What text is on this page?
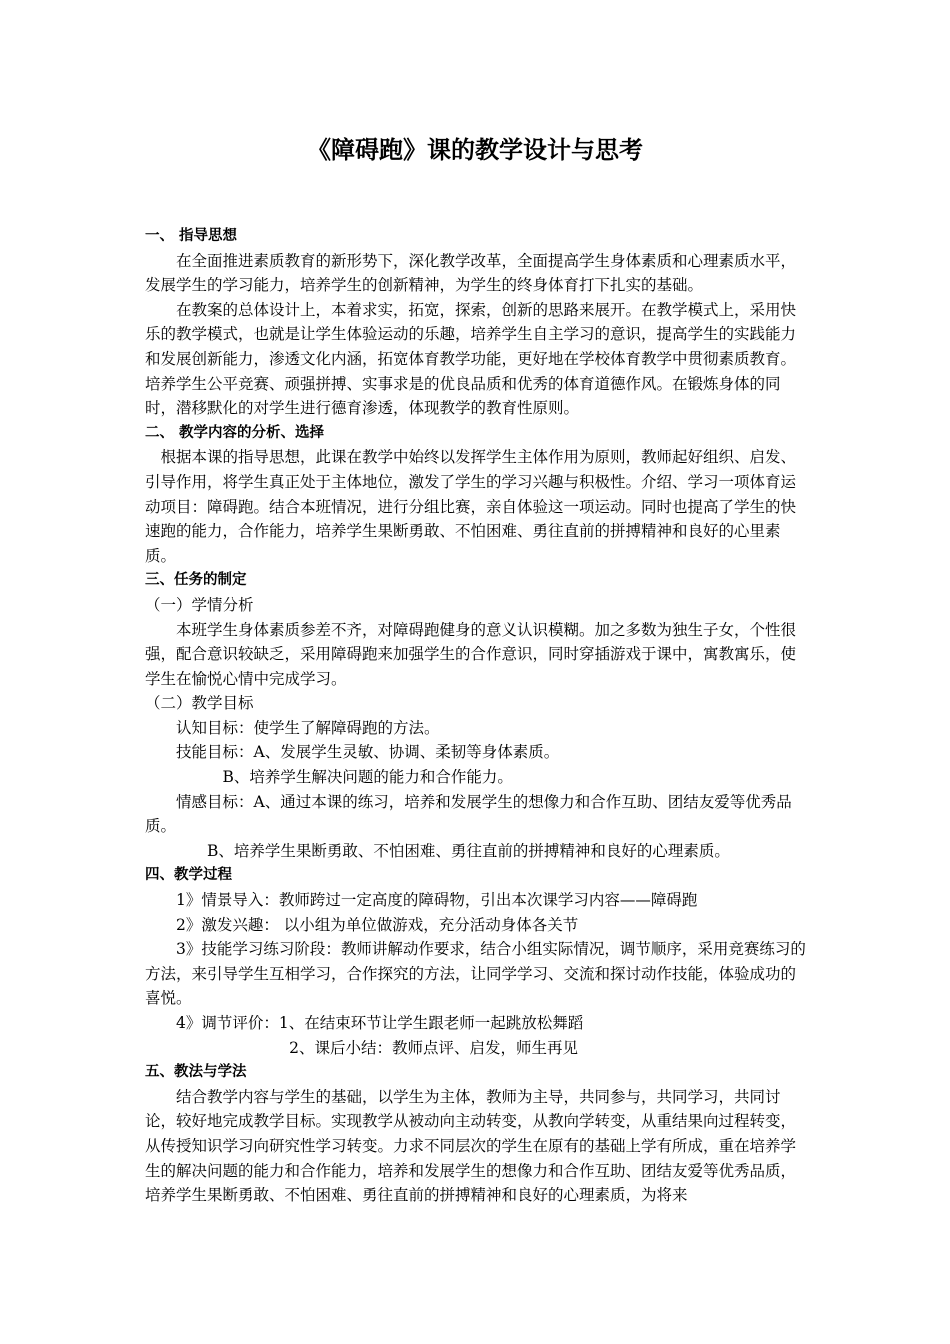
《障碍跑》课的教学设计与思考

一、 指导思想

在全面推进素质教育的新形势下，深化教学改革，全面提高学生身体素质和心理素质水平，发展学生的学习能力，培养学生的创新精神，为学生的终身体育打下扎实的基础。

在教案的总体设计上，本着求实，拓宽，探索，创新的思路来展开。在教学模式上，采用快乐的教学模式，也就是让学生体验运动的乐趣，培养学生自主学习的意识，提高学生的实践能力和发展创新能力，渗透文化内涵，拓宽体育教学功能，更好地在学校体育教学中贯彻素质教育。培养学生公平竞赛、顽强拼搏、实事求是的优良品质和优秀的体育道德作风。在锻炼身体的同时，潜移默化的对学生进行德育渗透，体现教学的教育性原则。

二、 教学内容的分析、选择

根据本课的指导思想，此课在教学中始终以发挥学生主体作用为原则，教师起好组织、启发、引导作用，将学生真正处于主体地位，激发了学生的学习兴趣与积极性。介绍、学习一项体育运动项目：障碍跑。结合本班情况，进行分组比赛，亲自体验这一项运动。同时也提高了学生的快速跑的能力，合作能力，培养学生果断勇敢、不怕困难、勇往直前的拼搏精神和良好的心里素质。

三、任务的制定

（一）学情分析

本班学生身体素质参差不齐，对障碍跑健身的意义认识模糊。加之多数为独生子女，个性很强，配合意识较缺乏，采用障碍跑来加强学生的合作意识，同时穿插游戏于课中，寓教寓乐，使学生在愉悦心情中完成学习。

（二）教学目标

认知目标：使学生了解障碍跑的方法。

技能目标：A、发展学生灵敏、协调、柔韧等身体素质。

B、培养学生解决问题的能力和合作能力。

情感目标：A、通过本课的练习，培养和发展学生的想像力和合作互助、团结友爱等优秀品质。

B、培养学生果断勇敢、不怕困难、勇往直前的拼搏精神和良好的心理素质。

四、教学过程

1》情景导入：教师跨过一定高度的障碍物，引出本次课学习内容——障碍跑

2》激发兴趣： 以小组为单位做游戏，充分活动身体各关节

3》技能学习练习阶段：教师讲解动作要求，结合小组实际情况，调节顺序，采用竞赛练习的方法，来引导学生互相学习，合作探究的方法，让同学学习、交流和探讨动作技能，体验成功的喜悦。

4》调节评价：1、在结束环节让学生跟老师一起跳放松舞蹈

2、课后小结：教师点评、启发，师生再见

五、教法与学法

结合教学内容与学生的基础，以学生为主体，教师为主导，共同参与，共同学习，共同讨论，较好地完成教学目标。实现教学从被动向主动转变，从教向学转变，从重结果向过程转变，从传授知识学习向研究性学习转变。力求不同层次的学生在原有的基础上学有所成，重在培养学生的解决问题的能力和合作能力，培养和发展学生的想像力和合作互助、团结友爱等优秀品质，培养学生果断勇敢、不怕困难、勇往直前的拼搏精神和良好的心理素质，为将来
